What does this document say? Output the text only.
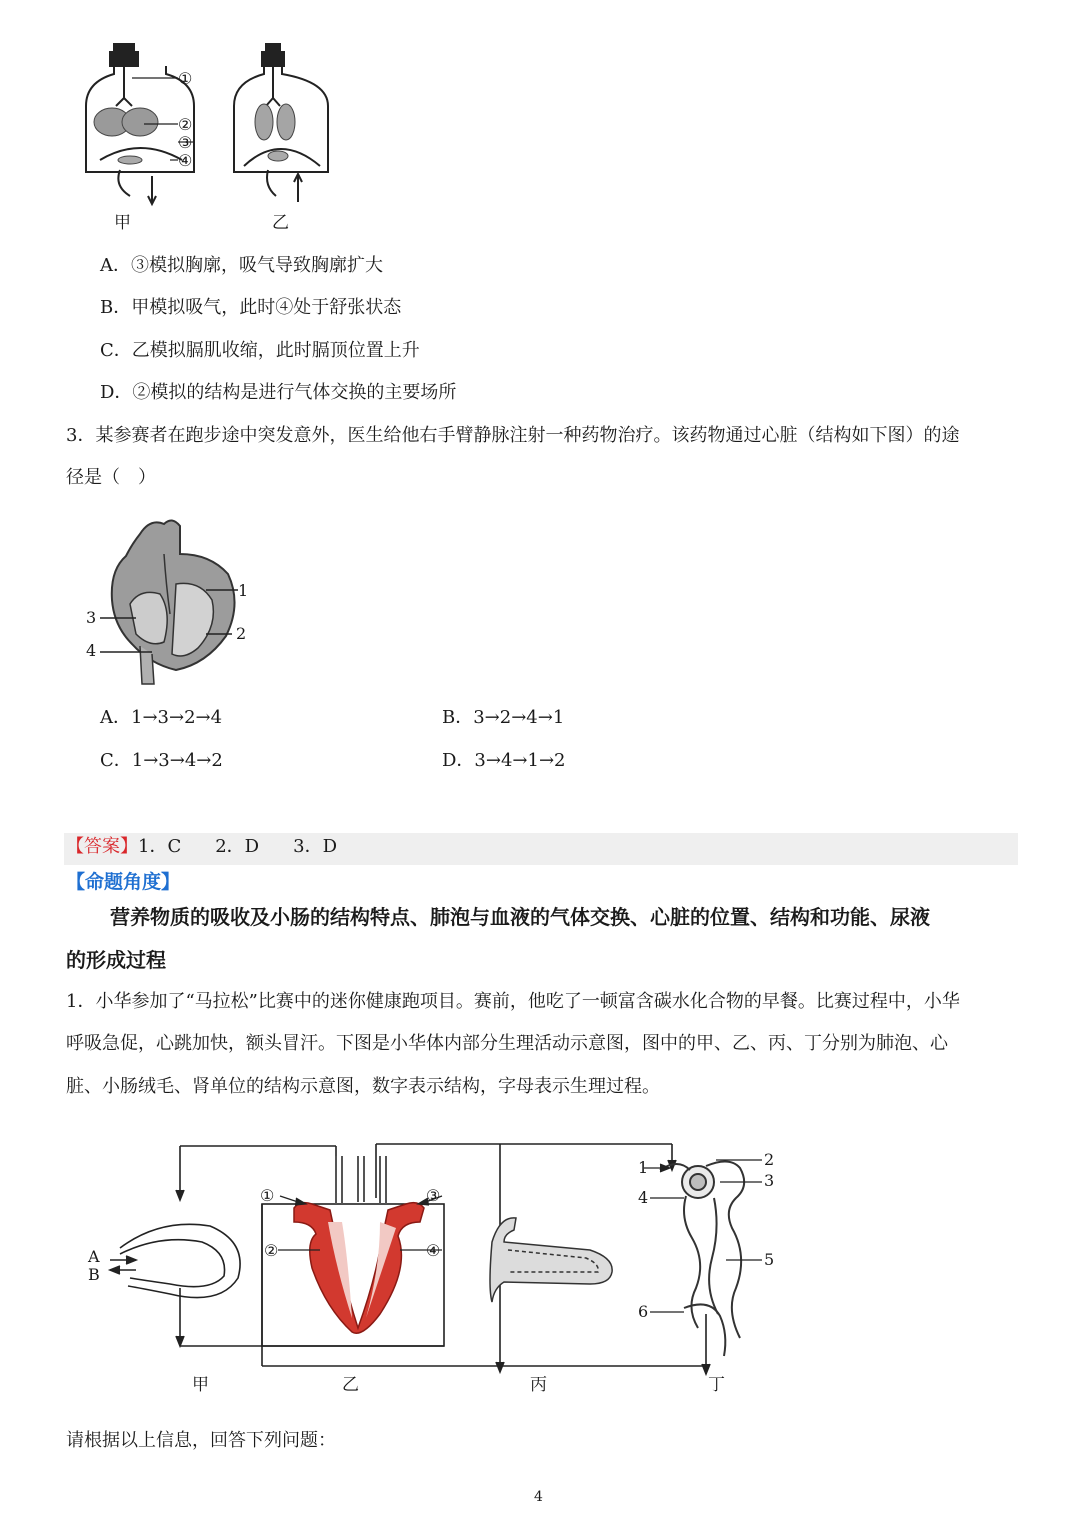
①
②
③
④
甲	乙
A．③模拟胸廓，吸气导致胸廓扩大
B．甲模拟吸气，此时④处于舒张状态
C．乙模拟膈肌收缩，此时膈顶位置上升
D．②模拟的结构是进行气体交换的主要场所
3．某参赛者在跑步途中突发意外，医生给他右手臂静脉注射一种药物治疗。该药物通过心脏（结构如下图）的途
径是（　）
1
2
3
4
A．1→3→2→4	B．3→2→4→1
C．1→3→4→2	D．3→4→1→2
【答案】1．C 2．D 3．D
【命题角度】
营养物质的吸收及小肠的结构特点、肺泡与血液的气体交换、心脏的位置、结构和功能、尿液
的形成过程
1．小华参加了“马拉松”比赛中的迷你健康跑项目。赛前，他吃了一顿富含碳水化合物的早餐。比赛过程中，小华
呼吸急促，心跳加快，额头冒汗。下图是小华体内部分生理活动示意图，图中的甲、乙、丙、丁分别为肺泡、心
脏、小肠绒毛、肾单位的结构示意图，数字表示结构，字母表示生理过程。
A
B
①
②
③
④
1	2
3
4
5
6
甲	乙	丙	丁
请根据以上信息，回答下列问题：
4
